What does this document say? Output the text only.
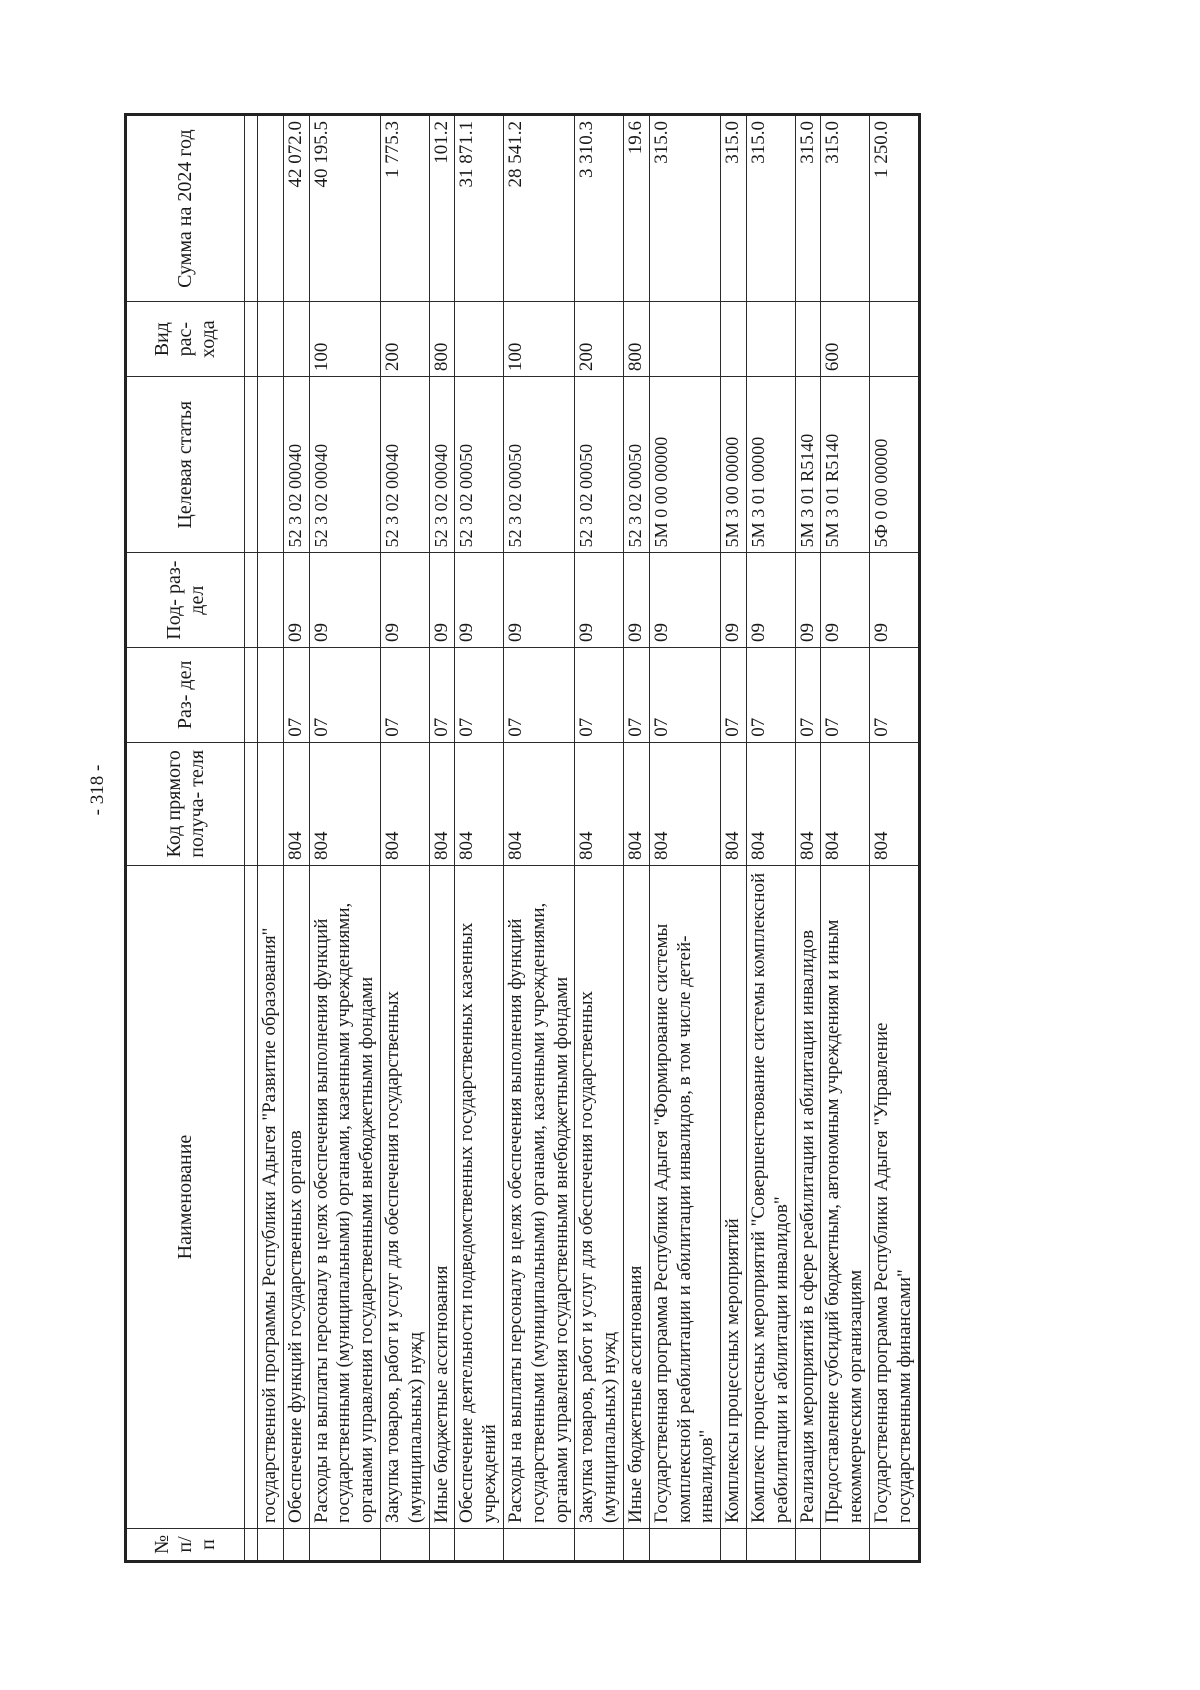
- 318 -
№ п/п	Наименование	Код прямого получа- теля	Раз- дел	Под- раз- дел	Целевая статья	Вид рас- хода	Сумма на 2024 год

	государственной программы Республики Адыгея "Развитие образования"						
	Обеспечение функций государственных органов	804	07	09	52 3 02 00040		42 072.0
	Расходы на выплаты персоналу в целях обеспечения выполнения функций государственными (муниципальными) органами, казенными учреждениями, органами управления государственными внебюджетными фондами	804	07	09	52 3 02 00040	100	40 195.5
	Закупка товаров, работ и услуг для обеспечения государственных (муниципальных) нужд	804	07	09	52 3 02 00040	200	1 775.3
	Иные бюджетные ассигнования	804	07	09	52 3 02 00040	800	101.2
	Обеспечение деятельности подведомственных государственных казенных учреждений	804	07	09	52 3 02 00050		31 871.1
	Расходы на выплаты персоналу в целях обеспечения выполнения функций государственными (муниципальными) органами, казенными учреждениями, органами управления государственными внебюджетными фондами	804	07	09	52 3 02 00050	100	28 541.2
	Закупка товаров, работ и услуг для обеспечения государственных (муниципальных) нужд	804	07	09	52 3 02 00050	200	3 310.3
	Иные бюджетные ассигнования	804	07	09	52 3 02 00050	800	19.6
	Государственная программа Республики Адыгея "Формирование системы комплексной реабилитации и абилитации инвалидов, в том числе детей-инвалидов"	804	07	09	5М 0 00 00000		315.0
	Комплексы процессных мероприятий	804	07	09	5М 3 00 00000		315.0
	Комплекс процессных мероприятий "Совершенствование системы комплексной реабилитации и абилитации инвалидов"	804	07	09	5М 3 01 00000		315.0
	Реализация мероприятий в сфере реабилитации и абилитации инвалидов	804	07	09	5М 3 01 R5140		315.0
	Предоставление субсидий бюджетным, автономным учреждениям и иным некоммерческим организациям	804	07	09	5М 3 01 R5140	600	315.0
	Государственная программа Республики Адыгея "Управление государственными финансами"	804	07	09	5Ф 0 00 00000		1 250.0
